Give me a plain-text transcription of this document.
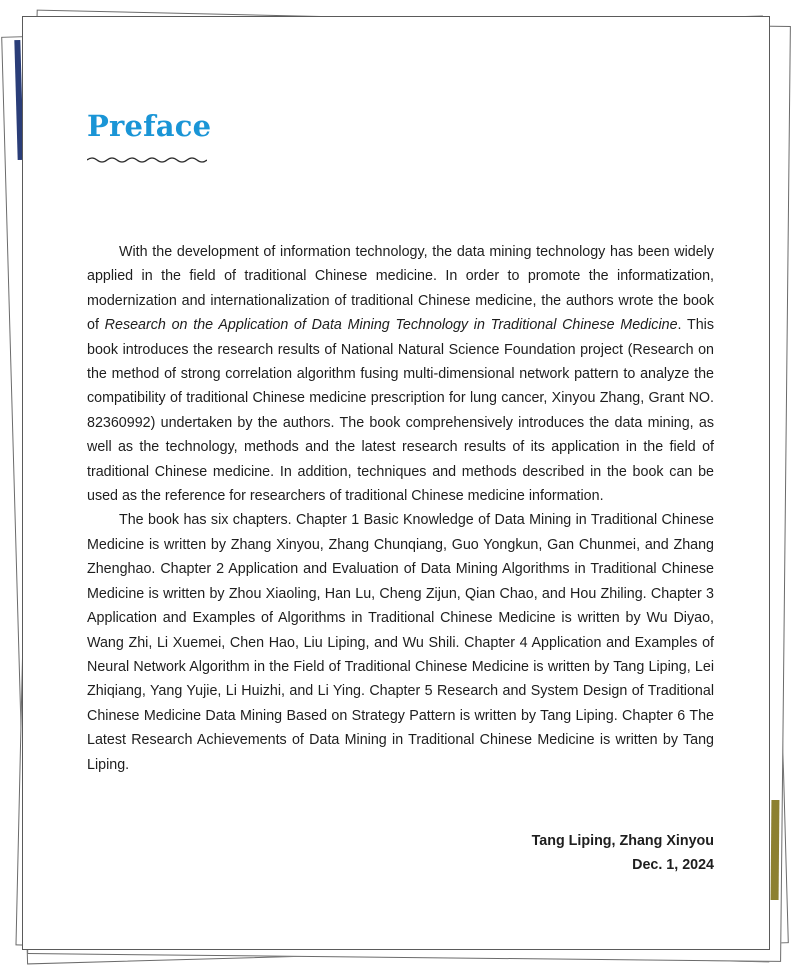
Preface

With the development of information technology, the data mining technology has been widely applied in the field of traditional Chinese medicine. In order to promote the informatization, modernization and internationalization of traditional Chinese medicine, the authors wrote the book of Research on the Application of Data Mining Technology in Traditional Chinese Medicine. This book introduces the research results of National Natural Science Foundation project (Research on the method of strong correlation algorithm fusing multi-dimensional network pattern to analyze the compatibility of traditional Chinese medicine prescription for lung cancer, Xinyou Zhang, Grant NO. 82360992) undertaken by the authors. The book comprehensively introduces the data mining, as well as the technology, methods and the latest research results of its application in the field of traditional Chinese medicine. In addition, techniques and methods described in the book can be used as the reference for researchers of traditional Chinese medicine information.

The book has six chapters. Chapter 1 Basic Knowledge of Data Mining in Traditional Chinese Medicine is written by Zhang Xinyou, Zhang Chunqiang, Guo Yongkun, Gan Chunmei, and Zhang Zhenghao. Chapter 2 Application and Evaluation of Data Mining Algorithms in Traditional Chinese Medicine is written by Zhou Xiaoling, Han Lu, Cheng Zijun, Qian Chao, and Hou Zhiling. Chapter 3 Application and Examples of Algorithms in Traditional Chinese Medicine is written by Wu Diyao, Wang Zhi, Li Xuemei, Chen Hao, Liu Liping, and Wu Shili. Chapter 4 Application and Examples of Neural Network Algorithm in the Field of Traditional Chinese Medicine is written by Tang Liping, Lei Zhiqiang, Yang Yujie, Li Huizhi, and Li Ying. Chapter 5 Research and System Design of Traditional Chinese Medicine Data Mining Based on Strategy Pattern is written by Tang Liping. Chapter 6 The Latest Research Achievements of Data Mining in Traditional Chinese Medicine is written by Tang Liping.

Tang Liping, Zhang Xinyou
Dec. 1, 2024
